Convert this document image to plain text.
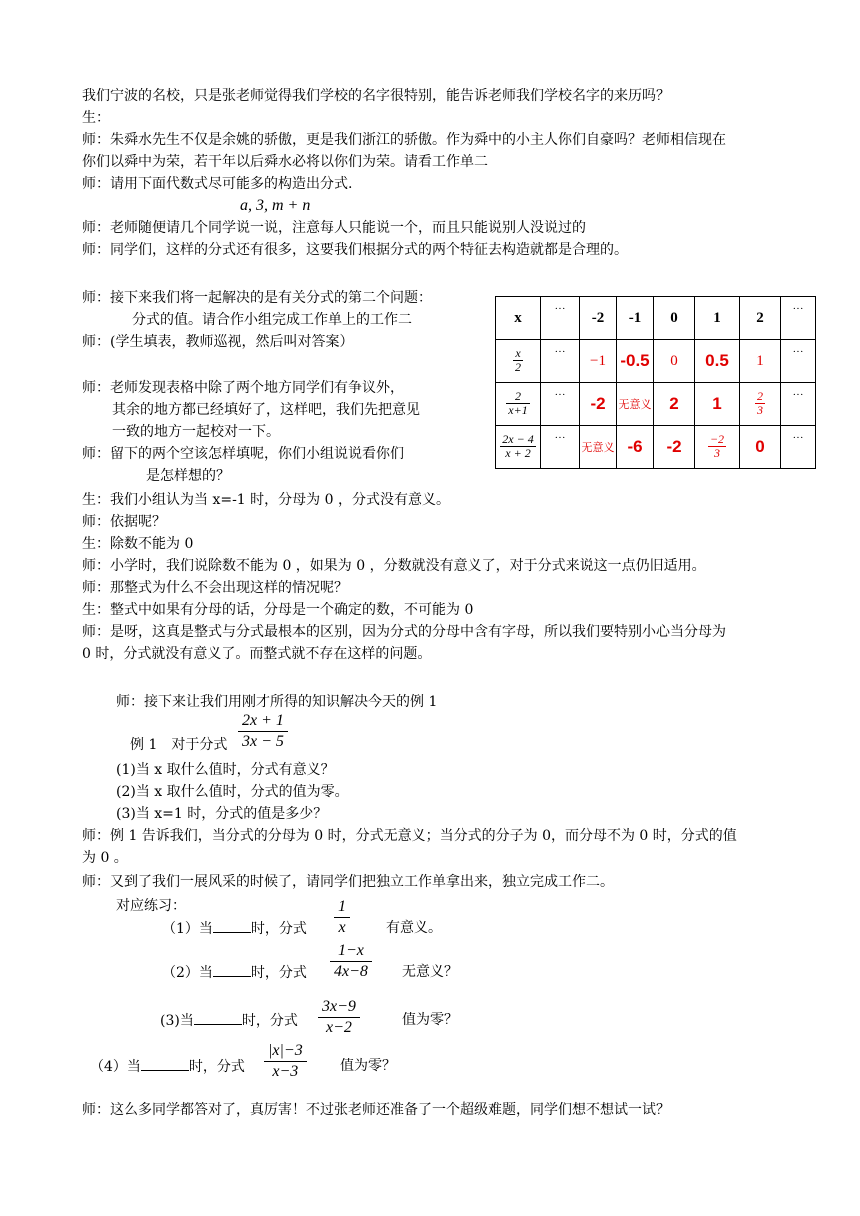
我们宁波的名校，只是张老师觉得我们学校的名字很特别，能告诉老师我们学校名字的来历吗？
生：
师：朱舜水先生不仅是余姚的骄傲，更是我们浙江的骄傲。作为舜中的小主人你们自豪吗？老师相信现在
你们以舜中为荣，若干年以后舜水必将以你们为荣。请看工作单二
师：请用下面代数式尽可能多的构造出分式.
a, 3, m + n
师：老师随便请几个同学说一说，注意每人只能说一个，而且只能说别人没说过的
师：同学们，这样的分式还有很多，这要我们根据分式的两个特征去构造就都是合理的。
师：接下来我们将一起解决的是有关分式的第二个问题：
分式的值。请合作小组完成工作单上的工作二
师：(学生填表，教师巡视，然后叫对答案）
师：老师发现表格中除了两个地方同学们有争议外，
其余的地方都已经填好了，这样吧，我们先把意见
一致的地方一起校对一下。
师：留下的两个空该怎样填呢，你们小组说说看你们
是怎样想的？
x	···	-2	-1	0	1	2	···

$\frac{x}{2}$	···	−1	-0.5	0	0.5	1	···

$\frac{2}{x+1}$	···	-2	无意义	2	1	$\frac{2}{3}$	···

$\frac{2x - 4}{x + 2}$	···	无意义	-6	-2	$\frac{-2}{3}$	0	···
生：我们小组认为当 x=-1 时，分母为 0 ，分式没有意义。
师：依据呢？
生：除数不能为 0
师：小学时，我们说除数不能为 0 ，如果为 0 ，分数就没有意义了，对于分式来说这一点仍旧适用。
师：那整式为什么不会出现这样的情况呢？
生：整式中如果有分母的话，分母是一个确定的数，不可能为 0
师：是呀，这真是整式与分式最根本的区别，因为分式的分母中含有字母，所以我们要特别小心当分母为
0 时，分式就没有意义了。而整式就不存在这样的问题。
师：接下来让我们用刚才所得的知识解决今天的例 1
例 1　对于分式 $\frac{2x + 1}{3x - 5}$
(1)当 x 取什么值时，分式有意义？
(2)当 x 取什么值时，分式的值为零。
(3)当 x=1 时，分式的值是多少？
师：例 1 告诉我们，当分式的分母为 0 时，分式无意义；当分式的分子为 0，而分母不为 0 时，分式的值
为 0 。
师：又到了我们一展风采的时候了，请同学们把独立工作单拿出来，独立完成工作二。
对应练习：
（1）当	时，分式 $\frac{1}{x}$	有意义。
（2）当	时，分式 $\frac{1-x}{4x-8}$ 无意义？
(3)当	时，分式 $\frac{3x-9}{x-2}$	值为零？
（4）当	时，分式 $\frac{|x|-3}{x-3}$ 值为零？
师：这么多同学都答对了，真厉害！不过张老师还准备了一个超级难题，同学们想不想试一试？
